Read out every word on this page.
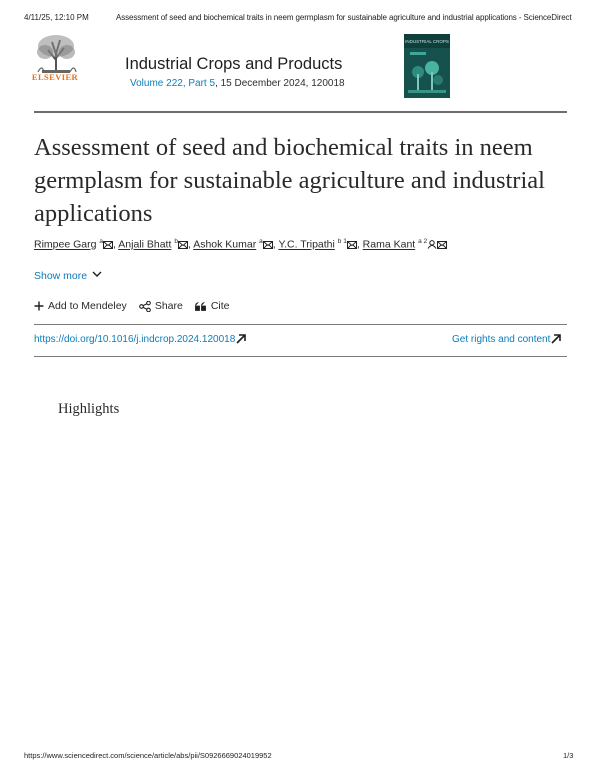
4/11/25, 12:10 PM	Assessment of seed and biochemical traits in neem germplasm for sustainable agriculture and industrial applications - ScienceDirect
ELSEVIER
Industrial Crops and Products
Volume 222, Part 5, 15 December 2024, 120018
INDUSTRIAL CROPS
Assessment of seed and biochemical traits in neem germplasm for sustainable agriculture and industrial applications
Rimpee Garg $^a$ , Anjali Bhatt $^b$ , Ashok Kumar $^a$ , Y.C. Tripathi $^{b 1}$ , Rama Kant $^{a 2}$
Show more
Add to Mendeley	Share	Cite
https://doi.org/10.1016/j.indcrop.2024.120018	Get rights and content
Highlights
https://www.sciencedirect.com/science/article/abs/pii/S0926669024019952	1/3
